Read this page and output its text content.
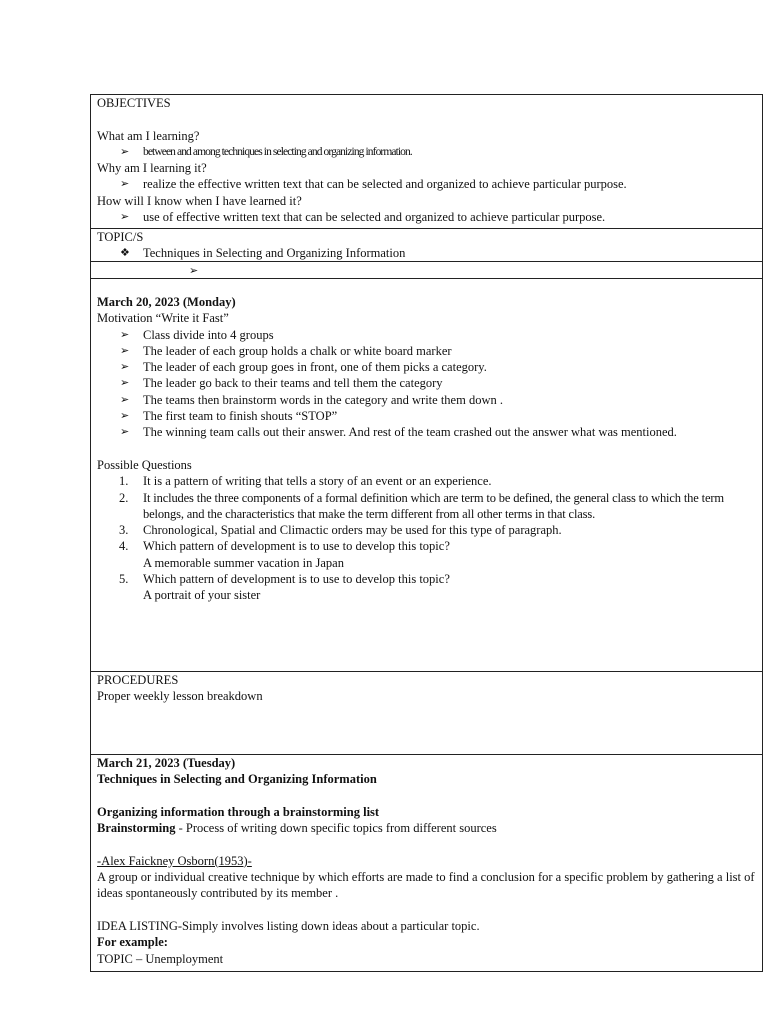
OBJECTIVES
What am I learning?
➢	between and among techniques in selecting and organizing information.
Why am I learning it?
➢	realize the effective written text that can be selected and organized to achieve particular purpose.
How will I know when I have learned it?
➢	use of effective written text that can be selected and organized to achieve particular purpose.
TOPIC/S
❖	Techniques in Selecting and Organizing Information
➢
March 20, 2023 (Monday)
Motivation “Write it Fast”
➢	Class divide into 4 groups
➢	The leader of each group holds a chalk or white board marker
➢	The leader of each group goes in front, one of them picks a category.
➢	The leader go back to their teams and tell them the category
➢	The teams then brainstorm words in the category and write them down .
➢	The first team to finish shouts “STOP”
➢	The winning team calls out their answer. And rest of the team crashed out the answer what was mentioned.
Possible Questions
1.	It is a pattern of writing that tells a story of an event or an experience.
2.	It includes the three components of a formal definition which are term to be defined, the general class to which the term belongs, and the characteristics that make the term different from all other terms in that class.
3.	Chronological, Spatial and Climactic orders may be used for this type of paragraph.
4.	Which pattern of development is to use to develop this topic?
A memorable summer vacation in Japan
5.	Which pattern of development is to use to develop this topic?
A portrait of your sister
PROCEDURES
Proper weekly lesson breakdown
March 21, 2023 (Tuesday)
Techniques in Selecting and Organizing Information
Organizing information through a brainstorming list
Brainstorming - Process of writing down specific topics from different sources
-Alex Faickney Osborn(1953)-
A group or individual creative technique by which efforts are made to find a conclusion for a specific problem by gathering a list of ideas spontaneously contributed by its member .
IDEA LISTING-Simply involves listing down ideas about a particular topic.
For example:
TOPIC – Unemployment
